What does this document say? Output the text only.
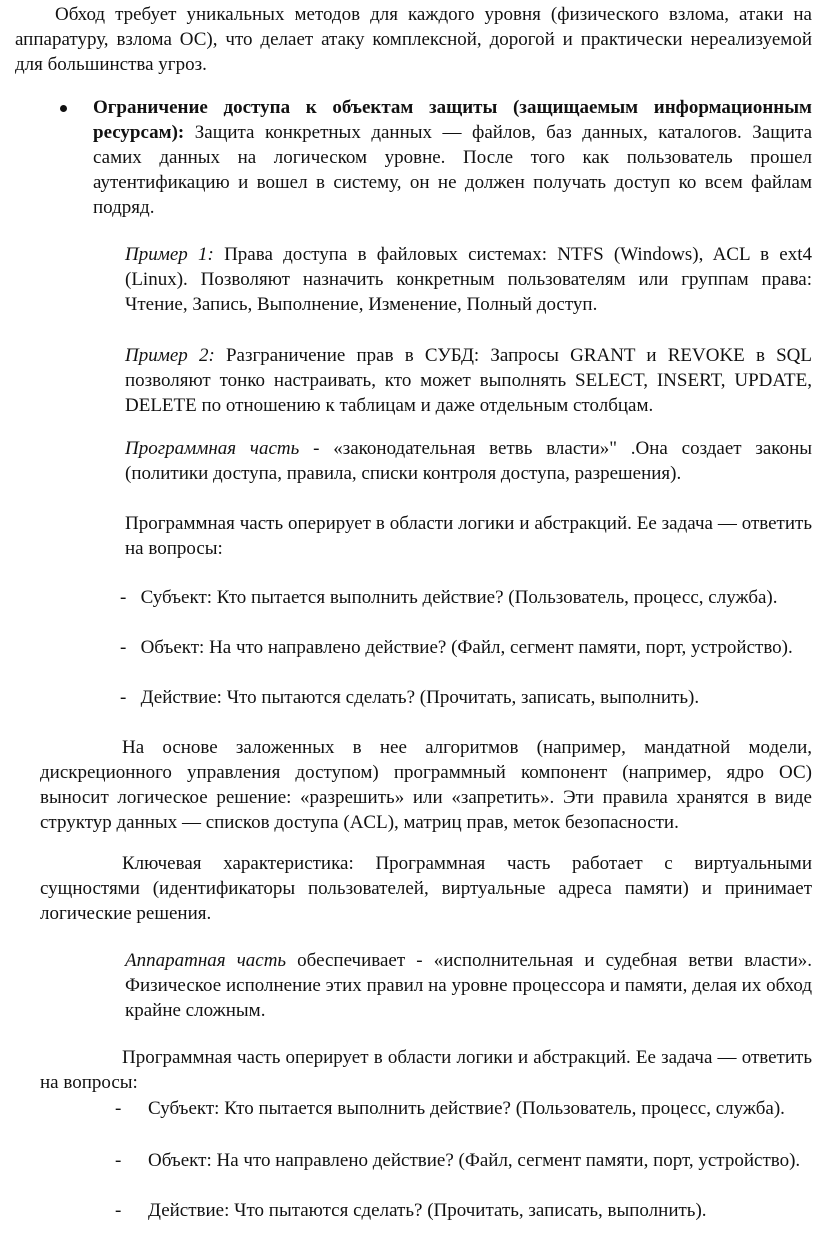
Обход требует уникальных методов для каждого уровня (физического взлома, атаки на аппаратуру, взлома ОС), что делает атаку комплексной, дорогой и практически нереализуемой для большинства угроз.

Ограничение доступа к объектам защиты (защищаемым информационным ресурсам): Защита конкретных данных — файлов, баз данных, каталогов. Защита самих данных на логическом уровне. После того как пользователь прошел аутентификацию и вошел в систему, он не должен получать доступ ко всем файлам подряд.

Пример 1: Права доступа в файловых системах: NTFS (Windows), ACL в ext4 (Linux). Позволяют назначить конкретным пользователям или группам права: Чтение, Запись, Выполнение, Изменение, Полный доступ.

Пример 2: Разграничение прав в СУБД: Запросы GRANT и REVOKE в SQL позволяют тонко настраивать, кто может выполнять SELECT, INSERT, UPDATE, DELETE по отношению к таблицам и даже отдельным столбцам.

Программная часть - «законодательная ветвь власти»" .Она создает законы (политики доступа, правила, списки контроля доступа, разрешения).

Программная часть оперирует в области логики и абстракций. Ее задача — ответить на вопросы:

- Субъект: Кто пытается выполнить действие? (Пользователь, процесс, служба).

- Объект: На что направлено действие? (Файл, сегмент памяти, порт, устройство).

- Действие: Что пытаются сделать? (Прочитать, записать, выполнить).

На основе заложенных в нее алгоритмов (например, мандатной модели, дискреционного управления доступом) программный компонент (например, ядро ОС) выносит логическое решение: «разрешить» или «запретить». Эти правила хранятся в виде структур данных — списков доступа (ACL), матриц прав, меток безопасности.

Ключевая характеристика: Программная часть работает с виртуальными сущностями (идентификаторы пользователей, виртуальные адреса памяти) и принимает логические решения.

Аппаратная часть обеспечивает - «исполнительная и судебная ветви власти». Физическое исполнение этих правил на уровне процессора и памяти, делая их обход крайне сложным.

Программная часть оперирует в области логики и абстракций. Ее задача — ответить на вопросы:

- Субъект: Кто пытается выполнить действие? (Пользователь, процесс, служба).

- Объект: На что направлено действие? (Файл, сегмент памяти, порт, устройство).

- Действие: Что пытаются сделать? (Прочитать, записать, выполнить).
